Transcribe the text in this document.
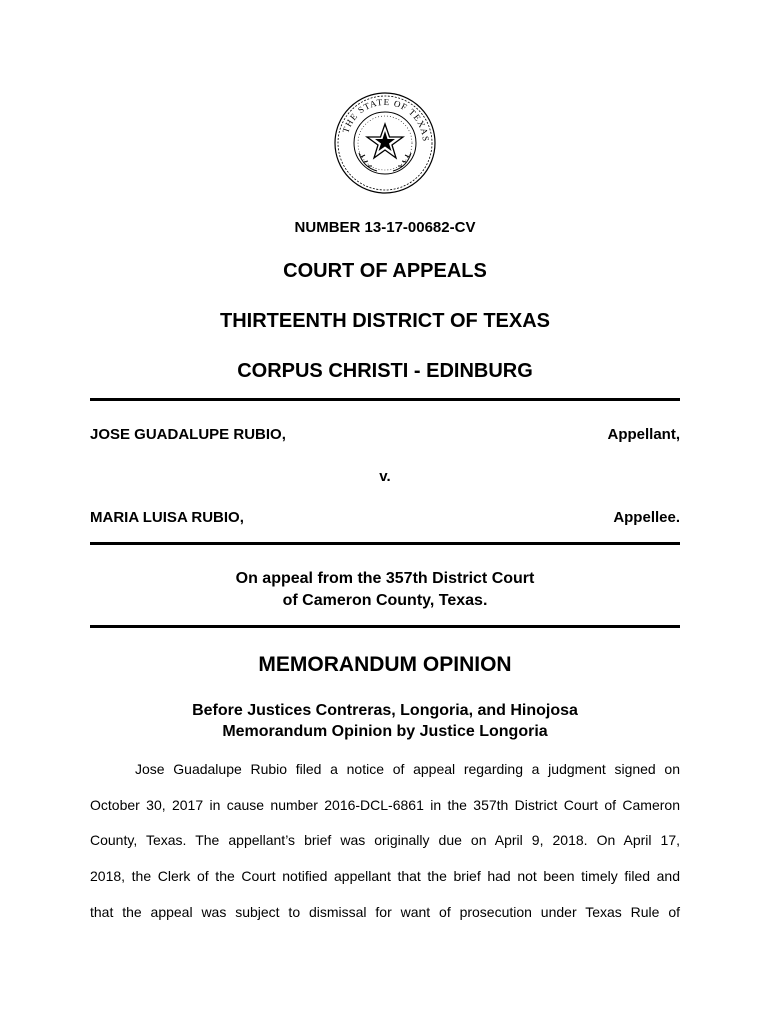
THE STATE OF TEXAS
NUMBER 13-17-00682-CV
COURT OF APPEALS
THIRTEENTH DISTRICT OF TEXAS
CORPUS CHRISTI - EDINBURG
JOSE GUADALUPE RUBIO,	Appellant,
v.
MARIA LUISA RUBIO,	Appellee.
On appeal from the 357th District Court
of Cameron County, Texas.
MEMORANDUM OPINION
Before Justices Contreras, Longoria, and Hinojosa
Memorandum Opinion by Justice Longoria
Jose Guadalupe Rubio filed a notice of appeal regarding a judgment signed on
October 30, 2017 in cause number 2016-DCL-6861 in the 357th District Court of Cameron
County, Texas. The appellant’s brief was originally due on April 9, 2018. On April 17,
2018, the Clerk of the Court notified appellant that the brief had not been timely filed and
that the appeal was subject to dismissal for want of prosecution under Texas Rule of
